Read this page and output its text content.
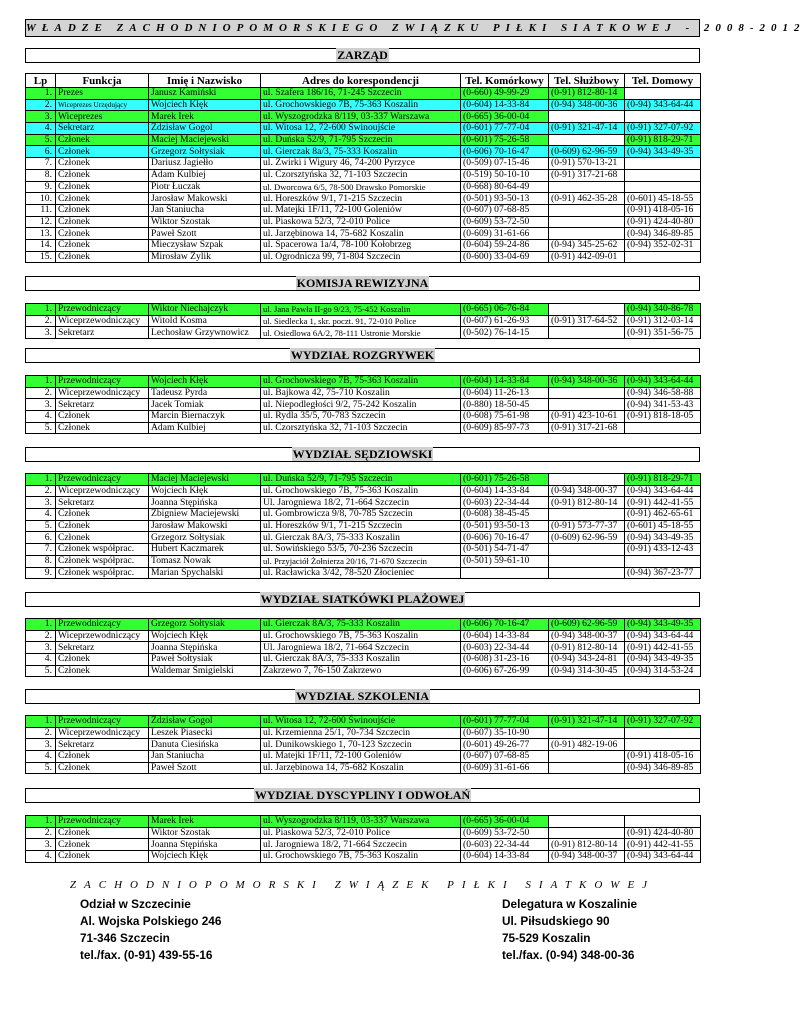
WŁADZE ZACHODNIOPOMORSKIEGO ZWIĄZKU PIŁKI SIATKOWEJ - 2008-2012
ZARZĄD
Lp	Funkcja	Imię i Nazwisko	Adres do korespondencji	Tel. Komórkowy	Tel. Służbowy	Tel. Domowy
1.	Prezes	Janusz Kamiński	ul. Szafera 186/16, 71-245 Szczecin	(0-660) 49-99-29	(0-91) 812-80-14	
2.	Wiceprezes Urzędujący	Wojciech Kłęk	ul. Grochowskiego 7B, 75-363 Koszalin	(0-604) 14-33-84	(0-94) 348-00-36	(0-94) 343-64-44
3.	Wiceprezes	Marek Irek	ul. Wyszogrodzka 8/119, 03-337 Warszawa	(0-665) 36-00-04		
4.	Sekretarz	Zdzisław Gogol	ul. Witosa 12, 72-600 Świnoujście	(0-601) 77-77-04	(0-91) 321-47-14	(0-91) 327-07-92
5.	Członek	Maciej Maciejewski	ul. Duńska 52/9, 71-795 Szczecin	(0-601) 75-26-58		(0-91) 818-29-71
6.	Członek	Grzegorz Sołtysiak	ul. Gierczak 8a/3, 75-333 Koszalin	(0-606) 70-16-47	(0-609) 62-96-59	(0-94) 343-49-35
7.	Członek	Dariusz Jagiełło	ul. Żwirki i Wigury 46, 74-200 Pyrzyce	(0-509) 07-15-46	(0-91) 570-13-21	
8.	Członek	Adam Kulbiej	ul. Czorsztyńska 32, 71-103 Szczecin	(0-519) 50-10-10	(0-91) 317-21-68	
9.	Członek	Piotr Łuczak	ul. Dworcowa 6/5, 78-500 Drawsko Pomorskie	(0-668) 80-64-49		
10.	Członek	Jarosław Makowski	ul. Horeszków 9/1, 71-215 Szczecin	(0-501) 93-50-13	(0-91) 462-35-28	(0-601) 45-18-55
11.	Członek	Jan Staniucha	ul. Matejki 1F/11, 72-100 Goleniów	(0-607) 07-68-85		(0-91) 418-05-16
12.	Członek	Wiktor Szostak	ul. Piaskowa 52/3, 72-010 Police	(0-609) 53-72-50		(0-91) 424-40-80
13.	Członek	Paweł Szott	ul. Jarzębinowa 14, 75-682 Koszalin	(0-609) 31-61-66		(0-94) 346-89-85
14.	Członek	Mieczysław Szpak	ul. Spacerowa 1a/4, 78-100 Kołobrzeg	(0-604) 59-24-86	(0-94) 345-25-62	(0-94) 352-02-31
15.	Członek	Mirosław Żylik	ul. Ogrodnicza 99, 71-804 Szczecin	(0-600) 33-04-69	(0-91) 442-09-01	
KOMISJA REWIZYJNA
1.	Przewodniczący	Wiktor Niechajczyk	ul. Jana Pawła II-go 9/23, 75-452 Koszalin	(0-665) 06-76-84		(0-94) 340-86-78
2.	Wiceprzewodniczący	Witold Kosma	ul. Siedlecka 1, skr. poczt. 91, 72-010 Police	(0-607) 61-26-93	(0-91) 317-64-52	(0-91) 312-03-14
3.	Sekretarz	Lechosław Grzywnowicz	ul. Osiedlowa 6A/2, 78-111 Ustronie Morskie	(0-502) 76-14-15		(0-91) 351-56-75
WYDZIAŁ ROZGRYWEK
1.	Przewodniczący	Wojciech Kłęk	ul. Grochowskiego 7B, 75-363 Koszalin	(0-604) 14-33-84	(0-94) 348-00-36	(0-94) 343-64-44
2.	Wiceprzewodniczący	Tadeusz Pyrda	ul. Bajkowa 42, 75-710 Koszalin	(0-604) 11-26-13		(0-94) 346-58-88
3.	Sekretarz	Jacek Tomiak	ul. Niepodległości 9/2, 75-242 Koszalin	(0-880) 18-50-45		(0-94) 341-53-43
4.	Członek	Marcin Biernaczyk	ul. Rydla 35/5, 70-783 Szczecin	(0-608) 75-61-98	(0-91) 423-10-61	(0-91) 818-18-05
5.	Członek	Adam Kulbiej	ul. Czorsztyńska 32, 71-103 Szczecin	(0-609) 85-97-73	(0-91) 317-21-68	
WYDZIAŁ SĘDZIOWSKI
1.	Przewodniczący	Maciej Maciejewski	ul. Duńska 52/9, 71-795 Szczecin	(0-601) 75-26-58		(0-91) 818-29-71
2.	Wiceprzewodniczący	Wojciech Kłęk	ul. Grochowskiego 7B, 75-363 Koszalin	(0-604) 14-33-84	(0-94) 348-00-37	(0-94) 343-64-44
3.	Sekretarz	Joanna Stępińska	Ul. Jarogniewa 18/2, 71-664 Szczecin	(0-603) 22-34-44	(0-91) 812-80-14	(0-91) 442-41-55
4.	Członek	Zbigniew Maciejewski	ul. Gombrowicza 9/8, 70-785 Szczecin	(0-608) 38-45-45		(0-91) 462-65-61
5.	Członek	Jarosław Makowski	ul. Horeszków 9/1, 71-215 Szczecin	(0-501) 93-50-13	(0-91) 573-77-37	(0-601) 45-18-55
6.	Członek	Grzegorz Sołtysiak	ul. Gierczak 8A/3, 75-333 Koszalin	(0-606) 70-16-47	(0-609) 62-96-59	(0-94) 343-49-35
7.	Członek współprac.	Hubert Kaczmarek	ul. Sowińskiego 53/5, 70-236 Szczecin	(0-501) 54-71-47		(0-91) 433-12-43
8.	Członek współprac.	Tomasz Nowak	ul. Przyjaciół Żołnierza 20/16, 71-670 Szczecin	(0-501) 59-61-10		
9.	Członek współprac.	Marian Spychalski	ul. Racławicka 3/42, 78-520 Złocieniec			(0-94) 367-23-77
WYDZIAŁ SIATKÓWKI PLAŻOWEJ
1.	Przewodniczący	Grzegorz Sołtysiak	ul. Gierczak 8A/3, 75-333 Koszalin	(0-606) 70-16-47	(0-609) 62-96-59	(0-94) 343-49-35
2.	Wiceprzewodniczący	Wojciech Kłęk	ul. Grochowskiego 7B, 75-363 Koszalin	(0-604) 14-33-84	(0-94) 348-00-37	(0-94) 343-64-44
3.	Sekretarz	Joanna Stępińska	Ul. Jarogniewa 18/2, 71-664 Szczecin	(0-603) 22-34-44	(0-91) 812-80-14	(0-91) 442-41-55
4.	Członek	Paweł Sołtysiak	ul. Gierczak 8A/3, 75-333 Koszalin	(0-608) 31-23-16	(0-94) 343-24-81	(0-94) 343-49-35
5.	Członek	Waldemar Śmigielski	Zakrzewo 7, 76-150 Zakrzewo	(0-606) 67-26-99	(0-94) 314-30-45	(0-94) 314-53-24
WYDZIAŁ SZKOLENIA
1.	Przewodniczący	Zdzisław Gogol	ul. Witosa 12, 72-600 Świnoujście	(0-601) 77-77-04	(0-91) 321-47-14	(0-91) 327-07-92
2.	Wiceprzewodniczący	Leszek Piasecki	ul. Krzemienna 25/1, 70-734 Szczecin	(0-607) 35-10-90		
3.	Sekretarz	Danuta Ciesińska	ul. Dunikowskiego 1, 70-123 Szczecin	(0-601) 49-26-77	(0-91) 482-19-06	
4.	Członek	Jan Staniucha	ul. Matejki 1F/11, 72-100 Goleniów	(0-607) 07-68-85		(0-91) 418-05-16
5.	Członek	Paweł Szott	ul. Jarzębinowa 14, 75-682 Koszalin	(0-609) 31-61-66		(0-94) 346-89-85
WYDZIAŁ DYSCYPLINY I ODWOŁAŃ
1.	Przewodniczący	Marek Irek	ul. Wyszogrodzka 8/119, 03-337 Warszawa	(0-665) 36-00-04		
2.	Członek	Wiktor Szostak	ul. Piaskowa 52/3, 72-010 Police	(0-609) 53-72-50		(0-91) 424-40-80
3.	Członek	Joanna Stępińska	ul. Jarogniewa 18/2, 71-664 Szczecin	(0-603) 22-34-44	(0-91) 812-80-14	(0-91) 442-41-55
4.	Członek	Wojciech Kłęk	ul. Grochowskiego 7B, 75-363 Koszalin	(0-604) 14-33-84	(0-94) 348-00-37	(0-94) 343-64-44
ZACHODNIOPOMORSKI ZWIĄZEK PIŁKI SIATKOWEJ
Odział w Szczecinie
Al. Wojska Polskiego 246
71-346 Szczecin
tel./fax. (0-91) 439-55-16
Delegatura w Koszalinie
Ul. Piłsudskiego 90
75-529 Koszalin
tel./fax. (0-94) 348-00-36
